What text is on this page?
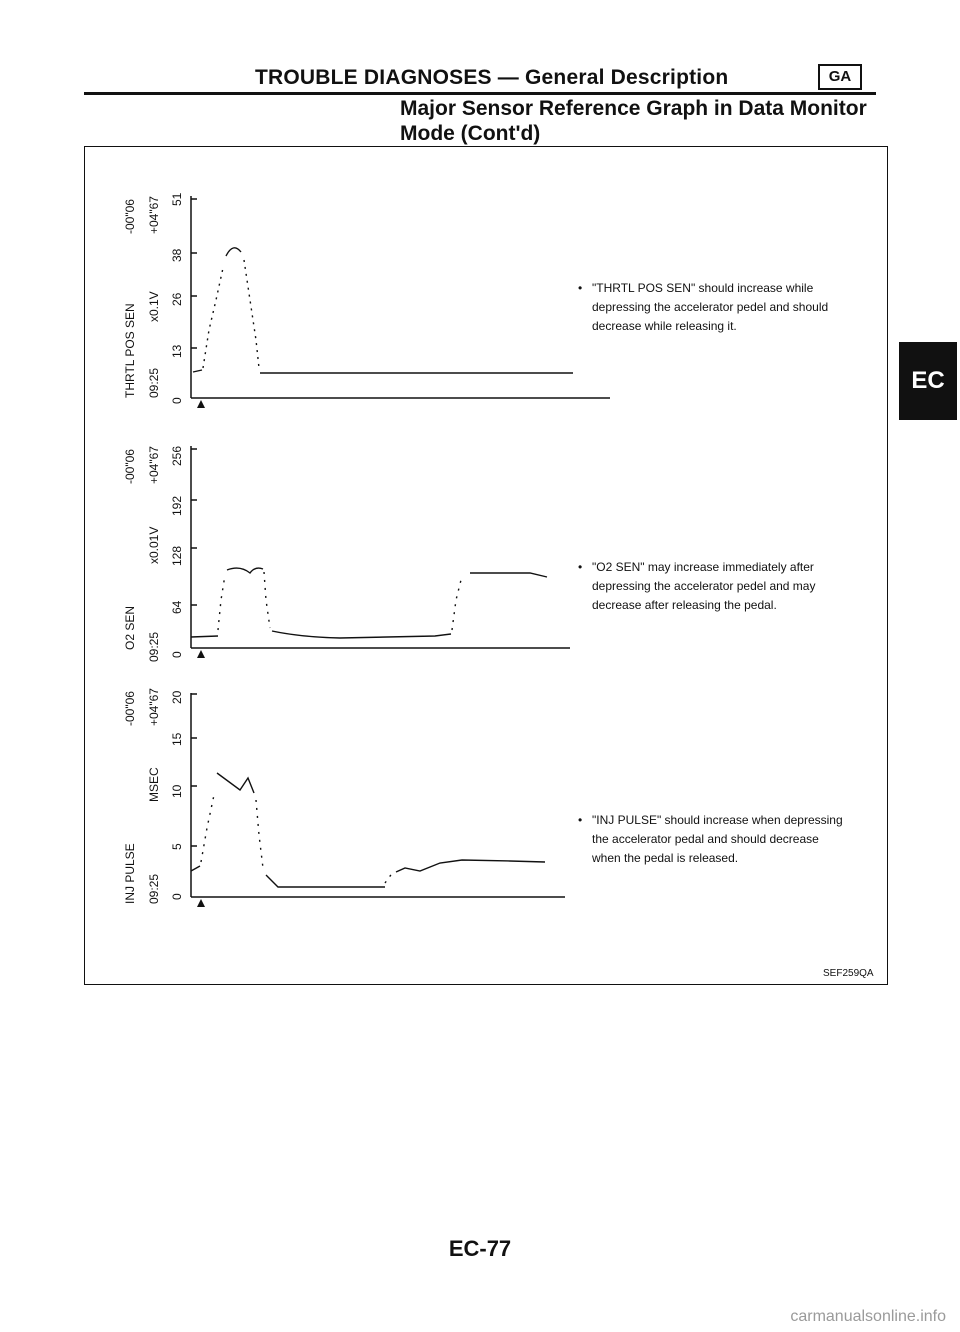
TROUBLE DIAGNOSES — General Description	GA
Major Sensor Reference Graph in Data Monitor
Mode (Cont'd)
THRTL POS SEN 09:25
x0.1V
-00"06 +04"67
0
13
26
38
51
O2 SEN 09:25
x0.01V
-00"06 +04"67
0
64
128
192
256
INJ PULSE 09:25
MSEC
-00"06 +04"67
0
5
10
15
20
• "THRTL POS SEN" should increase while
depressing the accelerator pedel and should
decrease while releasing it.
• "O2 SEN" may increase immediately after
depressing the accelerator pedel and may
decrease after releasing the pedal.
• "INJ PULSE" should increase when depressing
the accelerator pedal and should decrease
when the pedal is released.
SEF259QA
EC
EC-77
carmanualsonline.info
